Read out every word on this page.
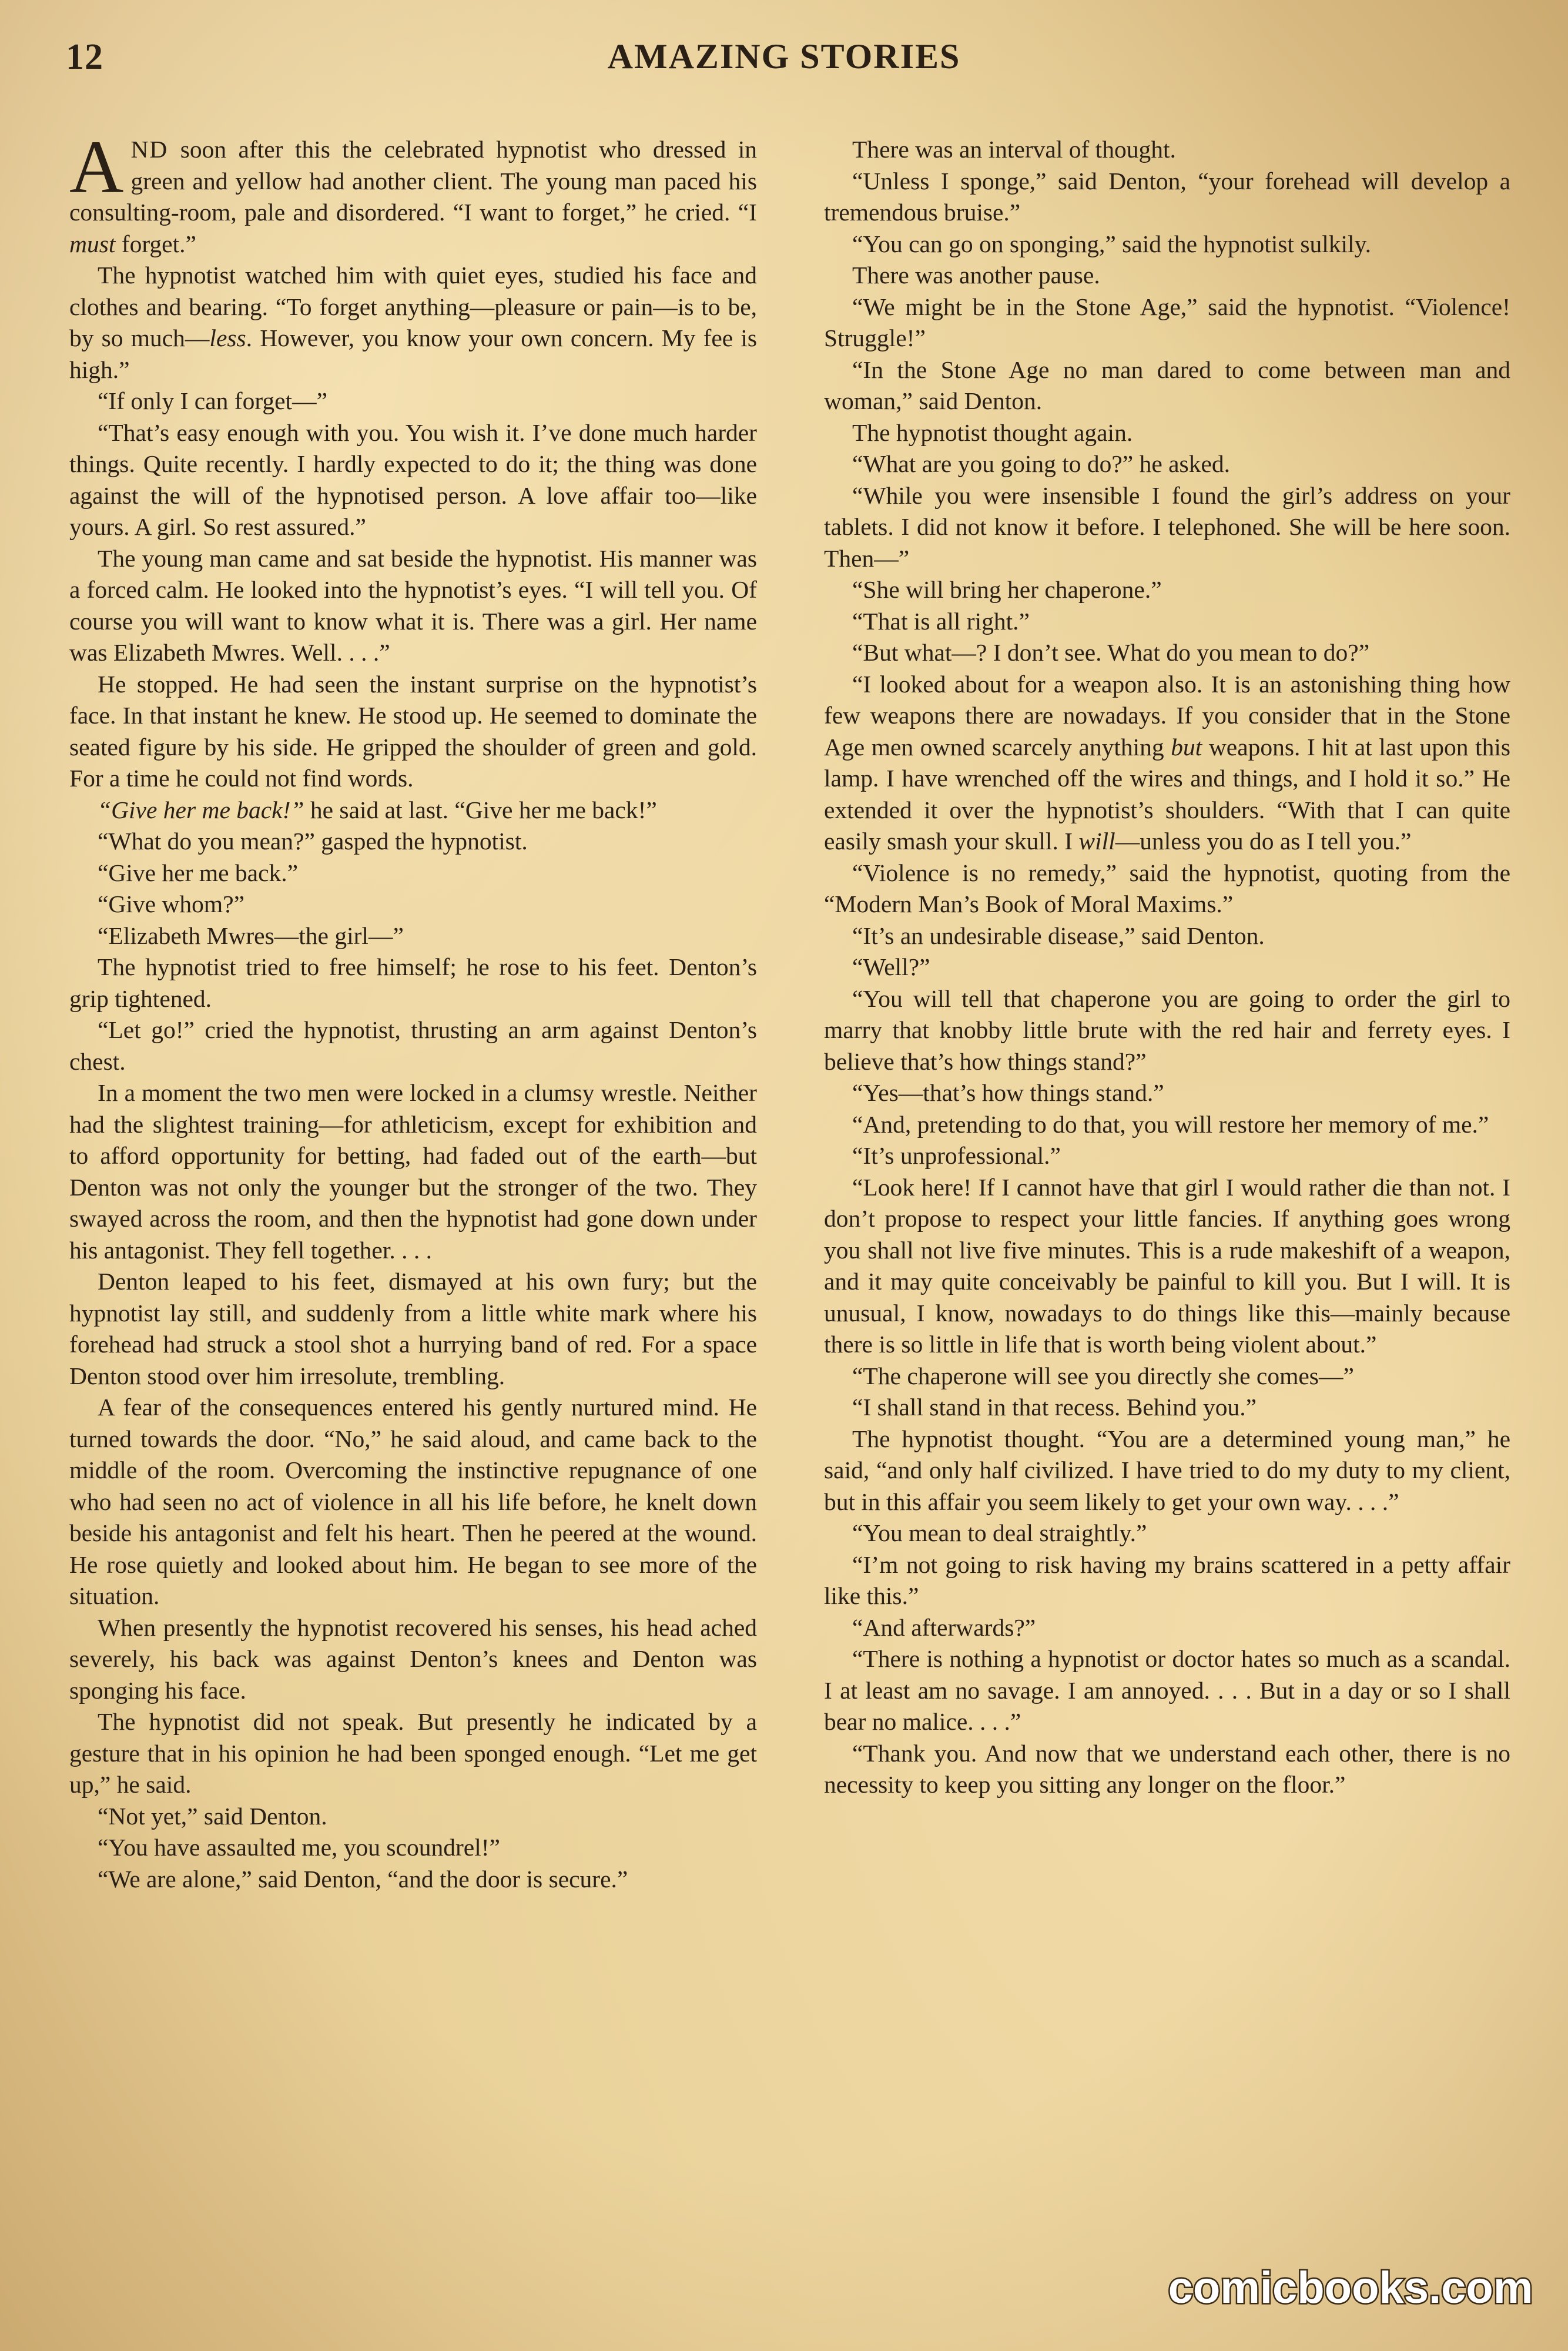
12	AMAZING STORIES

AND soon after this the celebrated hypnotist who dressed in green and yellow had another client. The young man paced his consulting-room, pale and disordered. “I want to forget,” he cried. “I must forget.”

The hypnotist watched him with quiet eyes, studied his face and clothes and bearing. “To forget anything—pleasure or pain—is to be, by so much—less. However, you know your own concern. My fee is high.”

“If only I can forget—”

“That’s easy enough with you. You wish it. I’ve done much harder things. Quite recently. I hardly expected to do it; the thing was done against the will of the hypnotised person. A love affair too—like yours. A girl. So rest assured.”

The young man came and sat beside the hypnotist. His manner was a forced calm. He looked into the hypnotist’s eyes. “I will tell you. Of course you will want to know what it is. There was a girl. Her name was Elizabeth Mwres. Well. . . .”

He stopped. He had seen the instant surprise on the hypnotist’s face. In that instant he knew. He stood up. He seemed to dominate the seated figure by his side. He gripped the shoulder of green and gold. For a time he could not find words.

“Give her me back!” he said at last. “Give her me back!”

“What do you mean?” gasped the hypnotist.

“Give her me back.”

“Give whom?”

“Elizabeth Mwres—the girl—”

The hypnotist tried to free himself; he rose to his feet. Denton’s grip tightened.

“Let go!” cried the hypnotist, thrusting an arm against Denton’s chest.

In a moment the two men were locked in a clumsy wrestle. Neither had the slightest training—for athleticism, except for exhibition and to afford opportunity for betting, had faded out of the earth—but Denton was not only the younger but the stronger of the two. They swayed across the room, and then the hypnotist had gone down under his antagonist. They fell together. . . .

Denton leaped to his feet, dismayed at his own fury; but the hypnotist lay still, and suddenly from a little white mark where his forehead had struck a stool shot a hurrying band of red. For a space Denton stood over him irresolute, trembling.

A fear of the consequences entered his gently nurtured mind. He turned towards the door. “No,” he said aloud, and came back to the middle of the room. Overcoming the instinctive repugnance of one who had seen no act of violence in all his life before, he knelt down beside his antagonist and felt his heart. Then he peered at the wound. He rose quietly and looked about him. He began to see more of the situation.

When presently the hypnotist recovered his senses, his head ached severely, his back was against Denton’s knees and Denton was sponging his face.

The hypnotist did not speak. But presently he indicated by a gesture that in his opinion he had been sponged enough. “Let me get up,” he said.

“Not yet,” said Denton.

“You have assaulted me, you scoundrel!”

“We are alone,” said Denton, “and the door is secure.”

There was an interval of thought.

“Unless I sponge,” said Denton, “your forehead will develop a tremendous bruise.”

“You can go on sponging,” said the hypnotist sulkily.

There was another pause.

“We might be in the Stone Age,” said the hypnotist. “Violence! Struggle!”

“In the Stone Age no man dared to come between man and woman,” said Denton.

The hypnotist thought again.

“What are you going to do?” he asked.

“While you were insensible I found the girl’s address on your tablets. I did not know it before. I telephoned. She will be here soon. Then—”

“She will bring her chaperone.”

“That is all right.”

“But what—? I don’t see. What do you mean to do?”

“I looked about for a weapon also. It is an astonishing thing how few weapons there are nowadays. If you consider that in the Stone Age men owned scarcely anything but weapons. I hit at last upon this lamp. I have wrenched off the wires and things, and I hold it so.” He extended it over the hypnotist’s shoulders. “With that I can quite easily smash your skull. I will—unless you do as I tell you.”

“Violence is no remedy,” said the hypnotist, quoting from the “Modern Man’s Book of Moral Maxims.”

“It’s an undesirable disease,” said Denton.

“Well?”

“You will tell that chaperone you are going to order the girl to marry that knobby little brute with the red hair and ferrety eyes. I believe that’s how things stand?”

“Yes—that’s how things stand.”

“And, pretending to do that, you will restore her memory of me.”

“It’s unprofessional.”

“Look here! If I cannot have that girl I would rather die than not. I don’t propose to respect your little fancies. If anything goes wrong you shall not live five minutes. This is a rude makeshift of a weapon, and it may quite conceivably be painful to kill you. But I will. It is unusual, I know, nowadays to do things like this—mainly because there is so little in life that is worth being violent about.”

“The chaperone will see you directly she comes—”

“I shall stand in that recess. Behind you.”

The hypnotist thought. “You are a determined young man,” he said, “and only half civilized. I have tried to do my duty to my client, but in this affair you seem likely to get your own way. . . .”

“You mean to deal straightly.”

“I’m not going to risk having my brains scattered in a petty affair like this.”

“And afterwards?”

“There is nothing a hypnotist or doctor hates so much as a scandal. I at least am no savage. I am annoyed. . . . But in a day or so I shall bear no malice. . . .”

“Thank you. And now that we understand each other, there is no necessity to keep you sitting any longer on the floor.”

comicbooks.com
